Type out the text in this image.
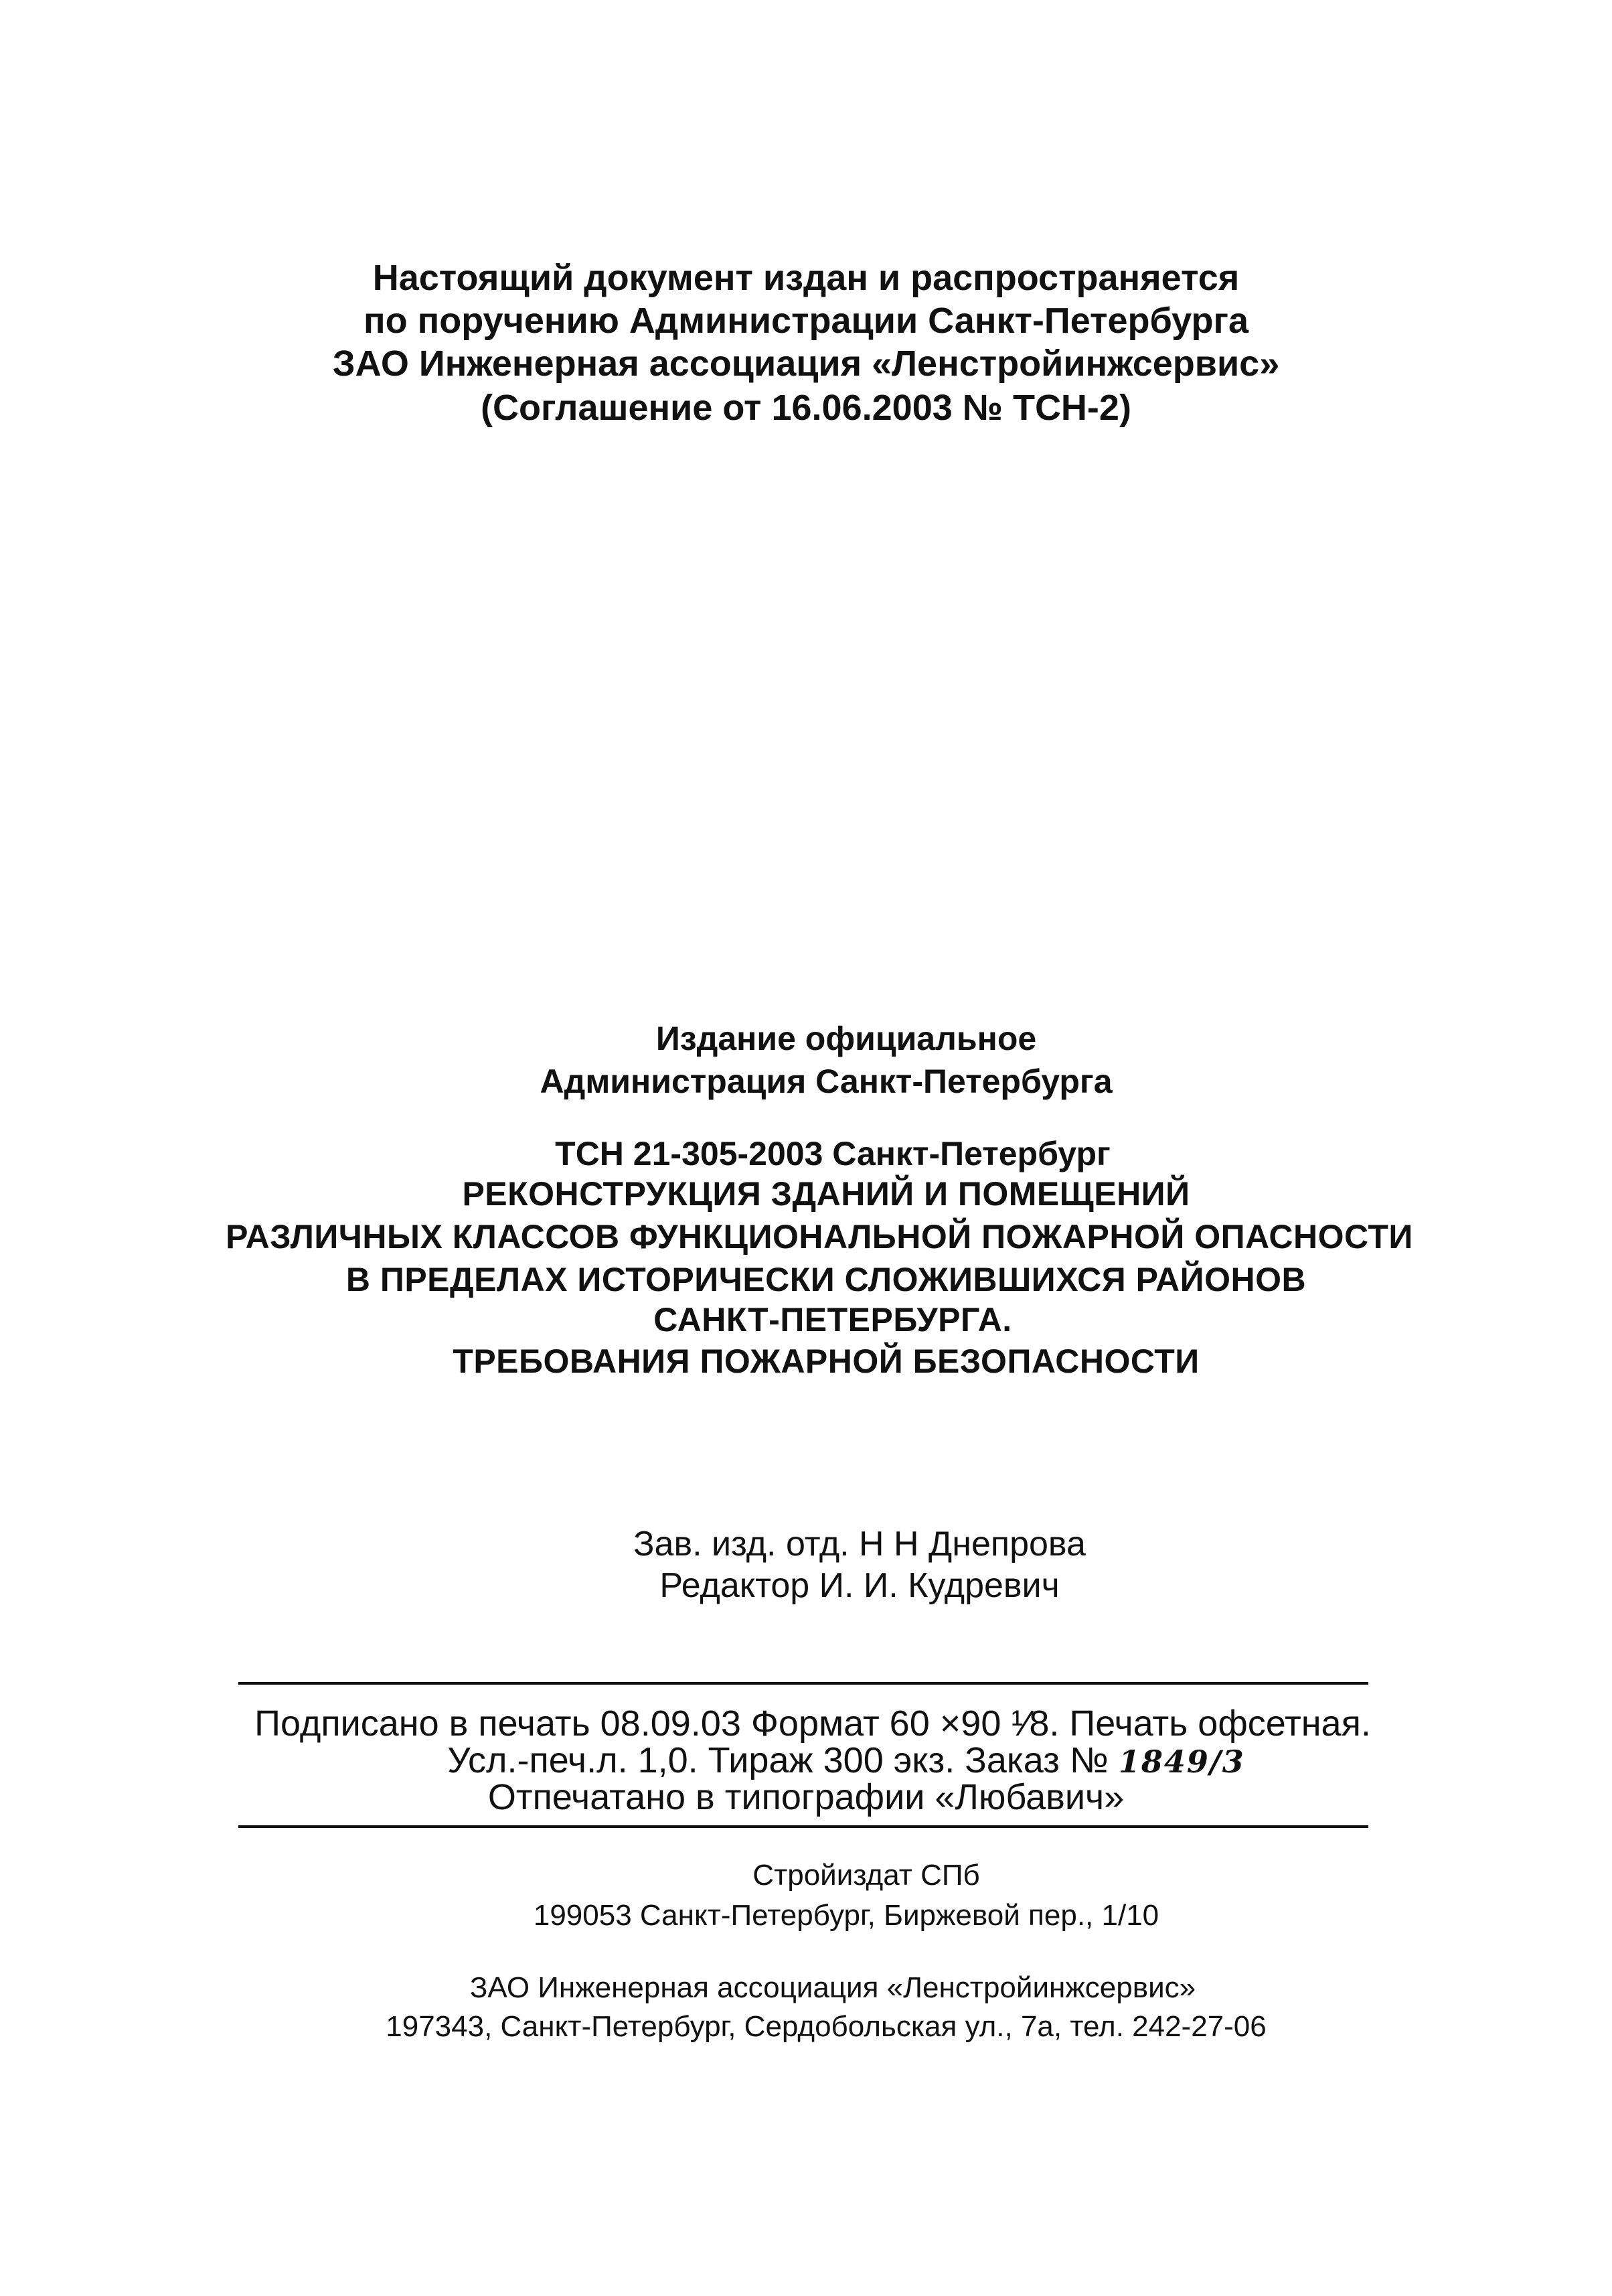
Настоящий документ издан и распространяется
по поручению Администрации Санкт-Петербурга
ЗАО Инженерная ассоциация «Ленстройинжсервис»
(Соглашение от 16.06.2003 № ТСН-2)
Издание официальное
Администрация Санкт-Петербурга
ТСН 21-305-2003 Санкт-Петербург
РЕКОНСТРУКЦИЯ ЗДАНИЙ И ПОМЕЩЕНИЙ
РАЗЛИЧНЫХ КЛАССОВ ФУНКЦИОНАЛЬНОЙ ПОЖАРНОЙ ОПАСНОСТИ
В ПРЕДЕЛАХ ИСТОРИЧЕСКИ СЛОЖИВШИХСЯ РАЙОНОВ
САНКТ-ПЕТЕРБУРГА.
ТРЕБОВАНИЯ ПОЖАРНОЙ БЕЗОПАСНОСТИ
Зав. изд. отд. Н Н Днепрова
Редактор И. И. Кудревич
Подписано в печать 08.09.03 Формат 60 ×90 ¹⁄8. Печать офсетная.
Усл.-печ.л. 1,0. Тираж 300 экз. Заказ № 1849/3
Отпечатано в типографии «Любавич»
Стройиздат СПб
199053 Санкт-Петербург, Биржевой пер., 1/10
ЗАО Инженерная ассоциация «Ленстройинжсервис»
197343, Санкт-Петербург, Сердобольская ул., 7а, тел. 242-27-06
